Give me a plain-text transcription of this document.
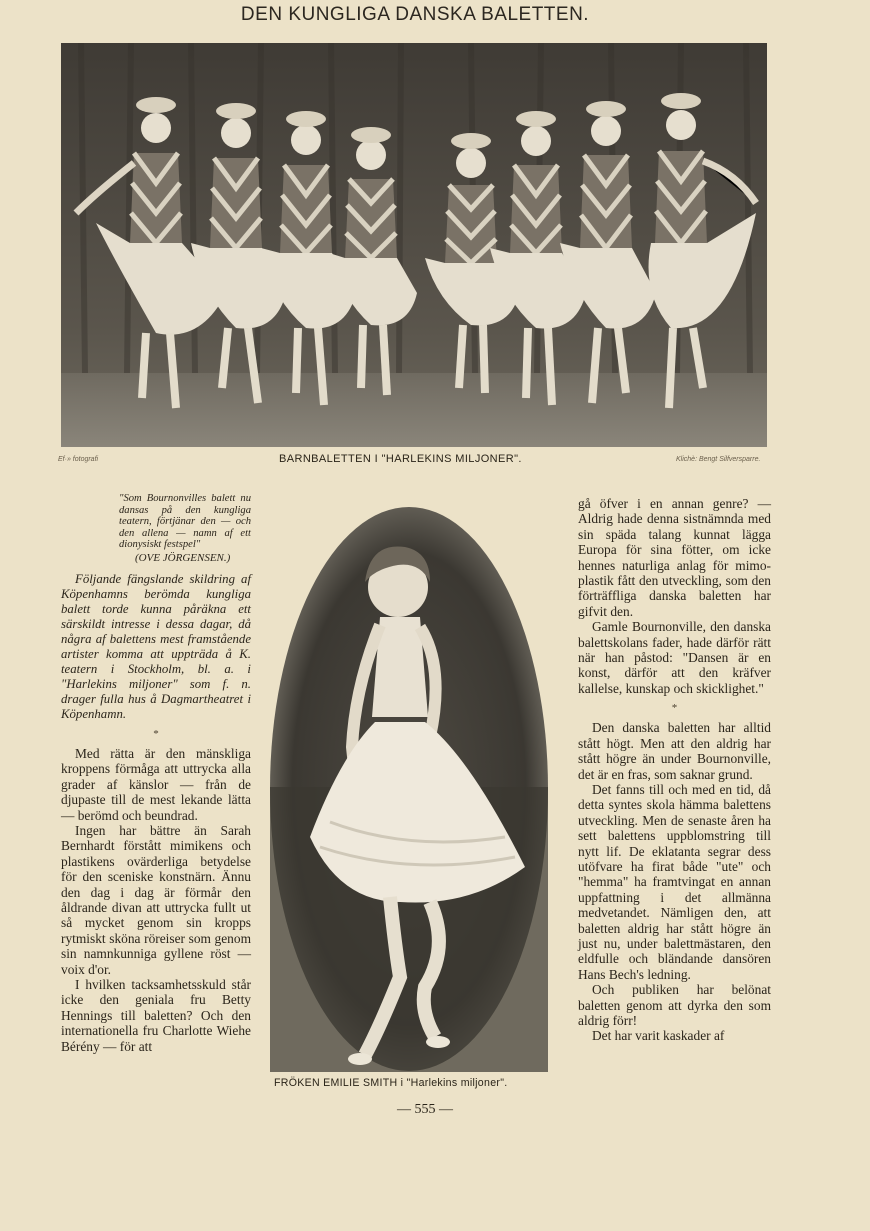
DEN KUNGLIGA DANSKA BALETTEN.
Ef·» fotografi	BARNBALETTEN I "HARLEKINS MILJONER".	Klichè: Bengt Silfversparre.
"Som Bournonvilles balett nu dansas på den kungliga teatern, förtjänar den — och den allena — namn af ett dionysiskt festspel"
(OVE JÖRGENSEN.)

Följande fängslande skildring af Köpenhamns berömda kungliga balett torde kunna påräkna ett särskildt intresse i dessa dagar, då några af balettens mest framstående artister komma att uppträda å K. teatern i Stockholm, bl. a. i "Harlekins miljoner" som f. n. drager fulla hus å Dagmartheatret i Köpenhamn.

*

Med rätta är den mänskliga kroppens förmåga att uttrycka alla grader af känslor — från de djupaste till de mest lekande lätta — berömd och beundrad.

Ingen har bättre än Sarah Bernhardt förstått mimikens och plastikens ovärderliga betydelse för den sceniske konstnärn. Ännu den dag i dag är förmår den åldrande divan att uttrycka fullt ut så mycket genom sin kropps rytmiskt sköna röreiser som genom sin namnkunniga gyllene röst — voix d'or.

I hvilken tacksamhetsskuld står icke den geniala fru Betty Hennings till baletten? Och den internationella fru Charlotte Wiehe Bérény — för att

FRÖKEN EMILIE SMITH i "Harlekins miljoner".

gå öfver i en annan genre? — Aldrig hade denna sistnämnda med sin späda talang kunnat lägga Europa för sina fötter, om icke hennes naturliga anlag för mimo-plastik fått den utveckling, som den förträffliga danska baletten har gifvit den.

Gamle Bournonville, den danska balettskolans fader, hade därför rätt när han påstod: "Dansen är en konst, därför att den kräfver kallelse, kunskap och skicklighet."

*

Den danska baletten har alltid stått högt. Men att den aldrig har stått högre än under Bournonville, det är en fras, som saknar grund.

Det fanns till och med en tid, då detta syntes skola hämma balettens utveckling. Men de senaste åren ha sett balettens uppblomstring till nytt lif. De eklatanta segrar dess utöfvare ha firat både "ute" och "hemma" ha framtvingat en annan uppfattning i det allmänna medvetandet. Nämligen den, att baletten aldrig har stått högre än just nu, under balettmästaren, den eldfulle och bländande dansören Hans Bech's ledning.

Och publiken har belönat baletten genom att dyrka den som aldrig förr!

Det har varit kaskader af

— 555 —
